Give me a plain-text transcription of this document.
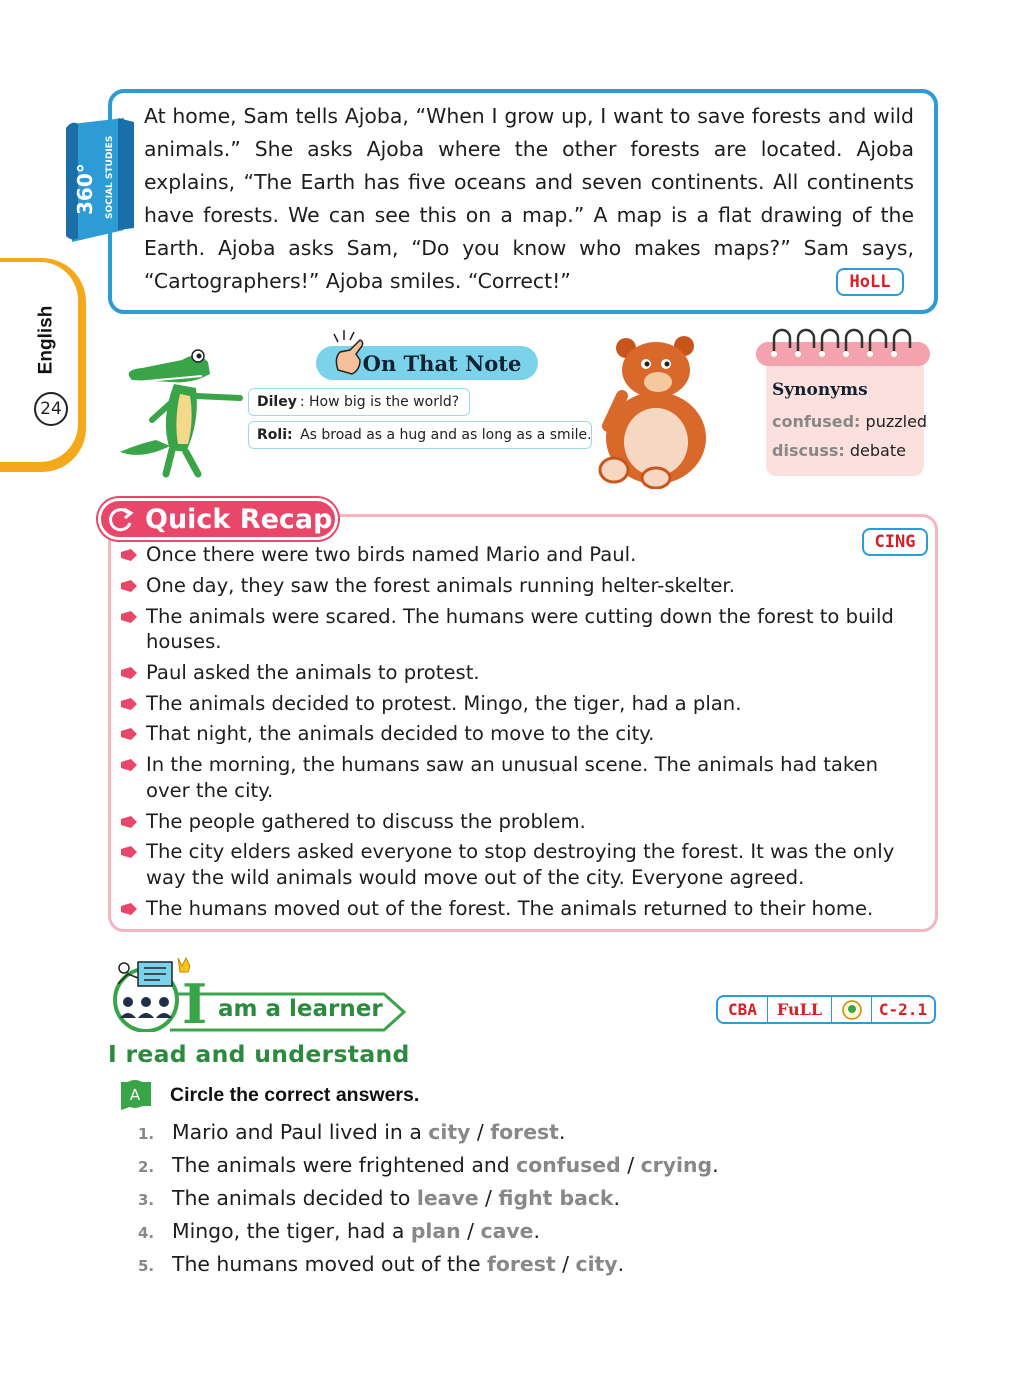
English
24
360° SOCIAL STUDIES
At home, Sam tells Ajoba, “When I grow up, I want to save forests and wild animals.” She asks Ajoba where the other forests are located. Ajoba explains, “The Earth has five oceans and seven continents. All continents have forests. We can see this on a map.” A map is a flat drawing of the Earth. Ajoba asks Sam, “Do you know who makes maps?” Sam says, “Cartographers!” Ajoba smiles. “Correct!”	HoLL
On That Note
Diley :
How big is the world?
Roli:
As broad as a hug and as long as a smile.
Synonyms
confused: puzzled
discuss: debate
Quick Recap
CING
Once there were two birds named Mario and Paul.
One day, they saw the forest animals running helter-skelter.
The animals were scared. The humans were cutting down the forest to build houses.
Paul asked the animals to protest.
The animals decided to protest. Mingo, the tiger, had a plan.
That night, the animals decided to move to the city.
In the morning, the humans saw an unusual scene. The animals had taken over the city.
The people gathered to discuss the problem.
The city elders asked everyone to stop destroying the forest. It was the only way the wild animals would move out of the city. Everyone agreed.
The humans moved out of the forest. The animals returned to their home.
I am a learner	CBA	FuLL	C-2.1
I read and understand
A Circle the correct answers.
1. Mario and Paul lived in a city / forest.
2. The animals were frightened and confused / crying.
3. The animals decided to leave / fight back.
4. Mingo, the tiger, had a plan / cave.
5. The humans moved out of the forest / city.
